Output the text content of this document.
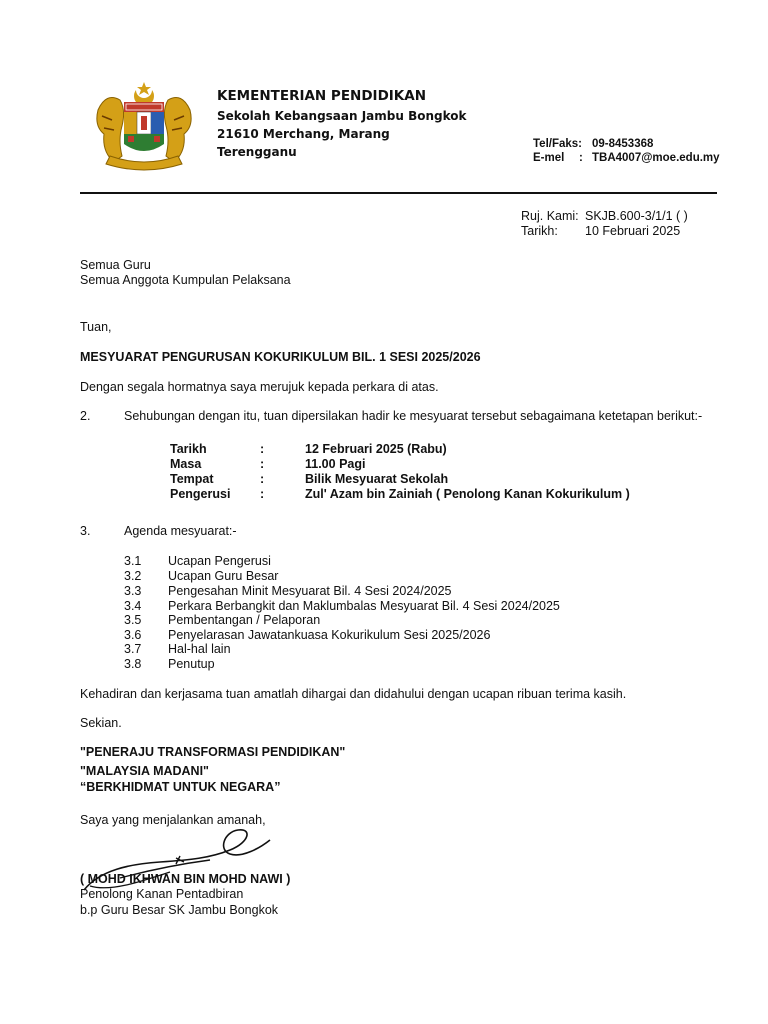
KEMENTERIAN PENDIDIKAN
Sekolah Kebangsaan Jambu Bongkok
21610 Merchang, Marang
Terengganu
Tel/Faks: 09-8453368
E-mel : TBA4007@moe.edu.my
Ruj. Kami: SKJB.600-3/1/1 ( )
Tarikh: 10 Februari 2025
Semua Guru
Semua Anggota Kumpulan Pelaksana
Tuan,
MESYUARAT PENGURUSAN KOKURIKULUM BIL. 1 SESI 2025/2026
Dengan segala hormatnya saya merujuk kepada perkara di atas.
2.	Sehubungan dengan itu, tuan dipersilakan hadir ke mesyuarat tersebut sebagaimana ketetapan berikut:-
Tarikh	:	12 Februari 2025 (Rabu)
Masa	:	11.00 Pagi
Tempat	:	Bilik Mesyuarat Sekolah
Pengerusi :	Zul' Azam bin Zainiah ( Penolong Kanan Kokurikulum )
3.	Agenda mesyuarat:-
3.1 Ucapan Pengerusi
3.2 Ucapan Guru Besar
3.3 Pengesahan Minit Mesyuarat Bil. 4 Sesi 2024/2025
3.4 Perkara Berbangkit dan Maklumbalas Mesyuarat Bil. 4 Sesi 2024/2025
3.5 Pembentangan / Pelaporan
3.6 Penyelarasan Jawatankuasa Kokurikulum Sesi 2025/2026
3.7 Hal-hal lain
3.8 Penutup
Kehadiran dan kerjasama tuan amatlah dihargai dan didahului dengan ucapan ribuan terima kasih.
Sekian.
"PENERAJU TRANSFORMASI PENDIDIKAN"
"MALAYSIA MADANI"
“BERKHIDMAT UNTUK NEGARA”
Saya yang menjalankan amanah,
( MOHD IKHWAN BIN MOHD NAWI )
Penolong Kanan Pentadbiran
b.p Guru Besar SK Jambu Bongkok
